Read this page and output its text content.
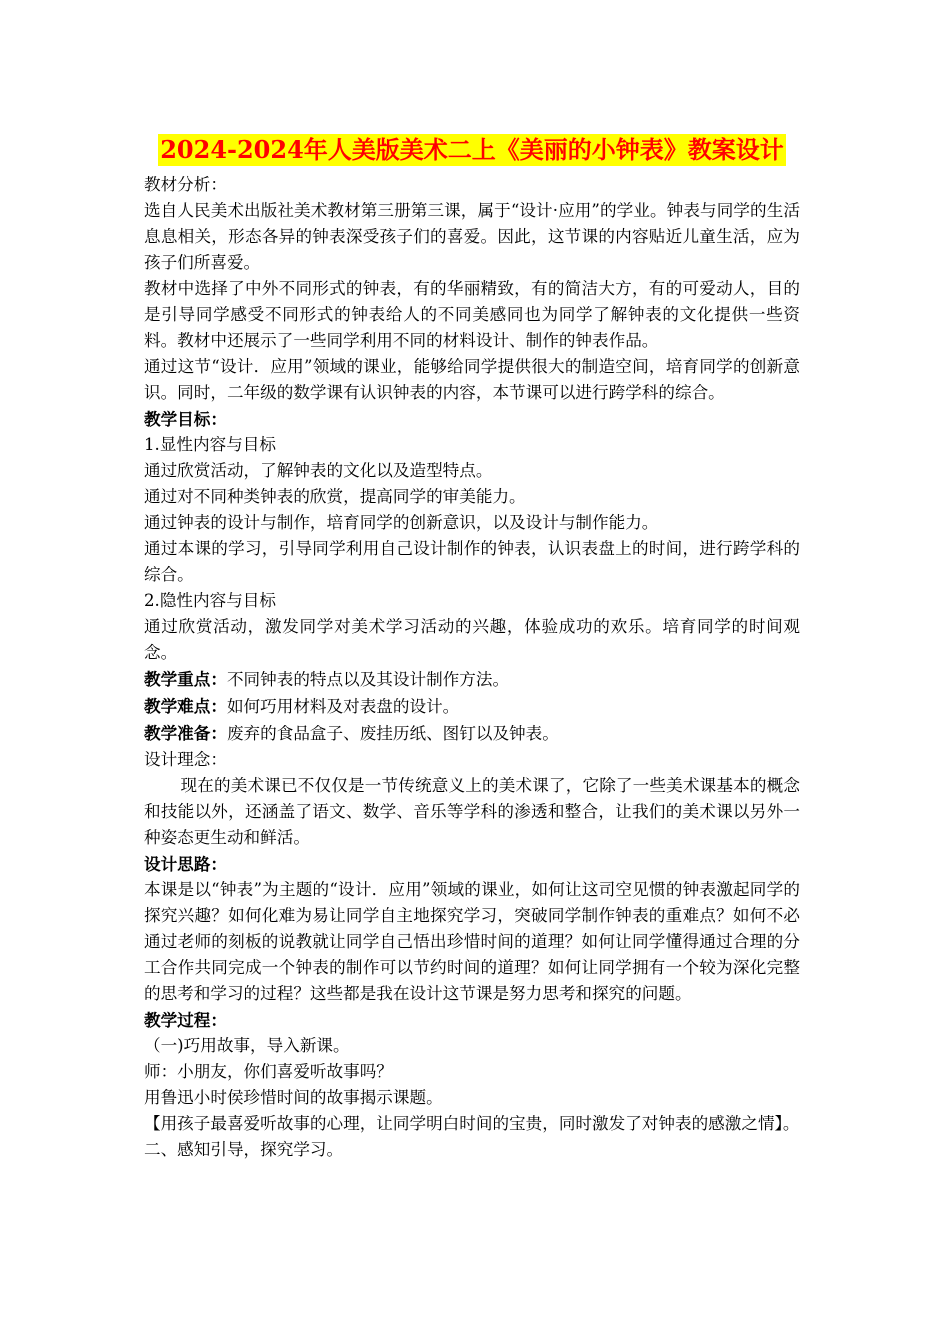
2024-2024年人美版美术二上《美丽的小钟表》教案设计

教材分析：

选自人民美术出版社美术教材第三册第三课，属于“设计·应用”的学业。钟表与同学的生活息息相关，形态各异的钟表深受孩子们的喜爱。因此，这节课的内容贴近儿童生活，应为孩子们所喜爱。

教材中选择了中外不同形式的钟表，有的华丽精致，有的简洁大方，有的可爱动人，目的是引导同学感受不同形式的钟表给人的不同美感同也为同学了解钟表的文化提供一些资料。教材中还展示了一些同学利用不同的材料设计、制作的钟表作品。

通过这节“设计．应用”领域的课业，能够给同学提供很大的制造空间，培育同学的创新意识。同时，二年级的数学课有认识钟表的内容，本节课可以进行跨学科的综合。

教学目标：

1.显性内容与目标

通过欣赏活动，了解钟表的文化以及造型特点。

通过对不同种类钟表的欣赏，提高同学的审美能力。

通过钟表的设计与制作，培育同学的创新意识，以及设计与制作能力。

通过本课的学习，引导同学利用自己设计制作的钟表，认识表盘上的时间，进行跨学科的综合。

2.隐性内容与目标

通过欣赏活动，激发同学对美术学习活动的兴趣，体验成功的欢乐。培育同学的时间观念。

教学重点：不同钟表的特点以及其设计制作方法。

教学难点：如何巧用材料及对表盘的设计。

教学准备：废弃的食品盒子、废挂历纸、图钉以及钟表。

设计理念：

现在的美术课已不仅仅是一节传统意义上的美术课了，它除了一些美术课基本的概念和技能以外，还涵盖了语文、数学、音乐等学科的渗透和整合，让我们的美术课以另外一种姿态更生动和鲜活。

设计思路：

本课是以“钟表”为主题的“设计．应用”领域的课业，如何让这司空见惯的钟表激起同学的探究兴趣？如何化难为易让同学自主地探究学习，突破同学制作钟表的重难点？如何不必通过老师的刻板的说教就让同学自己悟出珍惜时间的道理？如何让同学懂得通过合理的分工合作共同完成一个钟表的制作可以节约时间的道理？如何让同学拥有一个较为深化完整的思考和学习的过程？这些都是我在设计这节课是努力思考和探究的问题。

教学过程：

（一)巧用故事，导入新课。

师：小朋友，你们喜爱听故事吗？

用鲁迅小时侯珍惜时间的故事揭示课题。

【用孩子最喜爱听故事的心理，让同学明白时间的宝贵，同时激发了对钟表的感激之情】。

二、感知引导，探究学习。
